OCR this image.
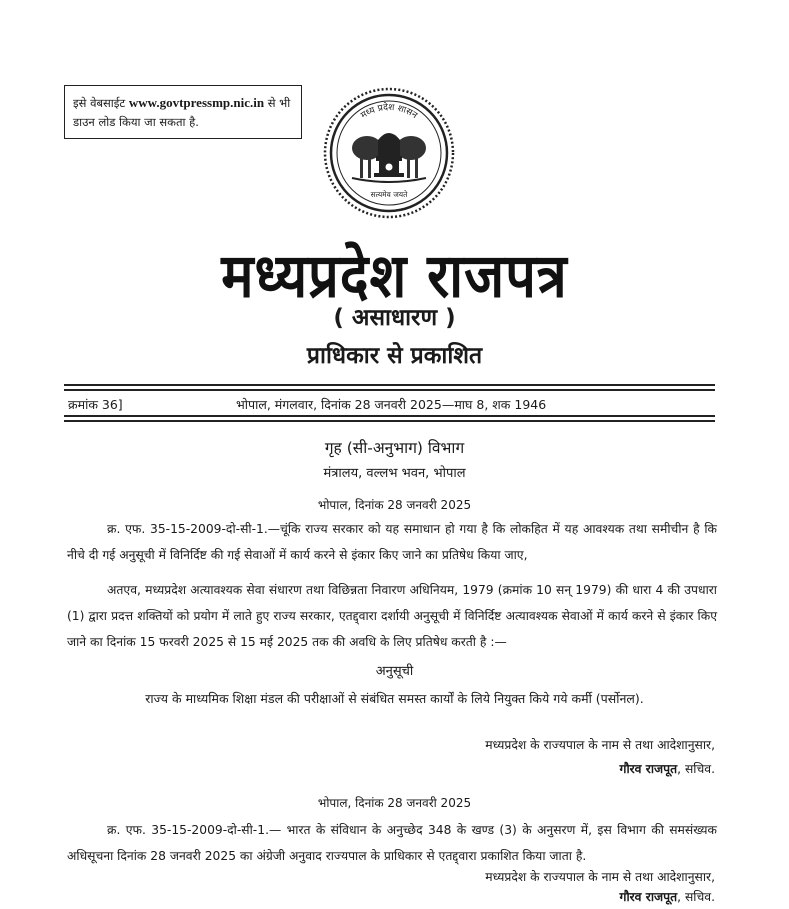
इसे वेबसाईट www.govtpressmp.nic.in से भी डाउन लोड किया जा सकता है.	मध्य प्रदेश शासन
सत्यमेव जयते
मध्यप्रदेश राजपत्र
( असाधारण )
प्राधिकार से प्रकाशित
क्रमांक 36]	भोपाल, मंगलवार, दिनांक 28 जनवरी 2025—माघ 8, शक 1946
गृह (सी-अनुभाग) विभाग
मंत्रालय, वल्लभ भवन, भोपाल
भोपाल, दिनांक 28 जनवरी 2025
क्र. एफ. 35-15-2009-दो-सी-1.—चूंकि राज्य सरकार को यह समाधान हो गया है कि लोकहित में यह आवश्यक तथा समीचीन है कि नीचे दी गई अनुसूची में विनिर्दिष्ट की गई सेवाओं में कार्य करने से इंकार किए जाने का प्रतिषेध किया जाए,
अतएव, मध्यप्रदेश अत्यावश्यक सेवा संधारण तथा विछिन्नता निवारण अधिनियम, 1979 (क्रमांक 10 सन् 1979) की धारा 4 की उपधारा (1) द्वारा प्रदत्त शक्तियों को प्रयोग में लाते हुए राज्य सरकार, एतद्द्वारा दर्शायी अनुसूची में विनिर्दिष्ट अत्यावश्यक सेवाओं में कार्य करने से इंकार किए जाने का दिनांक 15 फरवरी 2025 से 15 मई 2025 तक की अवधि के लिए प्रतिषेध करती है :—
अनुसूची
राज्य के माध्यमिक शिक्षा मंडल की परीक्षाओं से संबंधित समस्त कार्यों के लिये नियुक्त किये गये कर्मी (पर्सोनल).
मध्यप्रदेश के राज्यपाल के नाम से तथा आदेशानुसार,
गौरव राजपूत, सचिव.
भोपाल, दिनांक 28 जनवरी 2025
क्र. एफ. 35-15-2009-दो-सी-1.— भारत के संविधान के अनुच्छेद 348 के खण्ड (3) के अनुसरण में, इस विभाग की समसंख्यक अधिसूचना दिनांक 28 जनवरी 2025 का अंग्रेजी अनुवाद राज्यपाल के प्राधिकार से एतद्द्वारा प्रकाशित किया जाता है.
मध्यप्रदेश के राज्यपाल के नाम से तथा आदेशानुसार,
गौरव राजपूत, सचिव.
